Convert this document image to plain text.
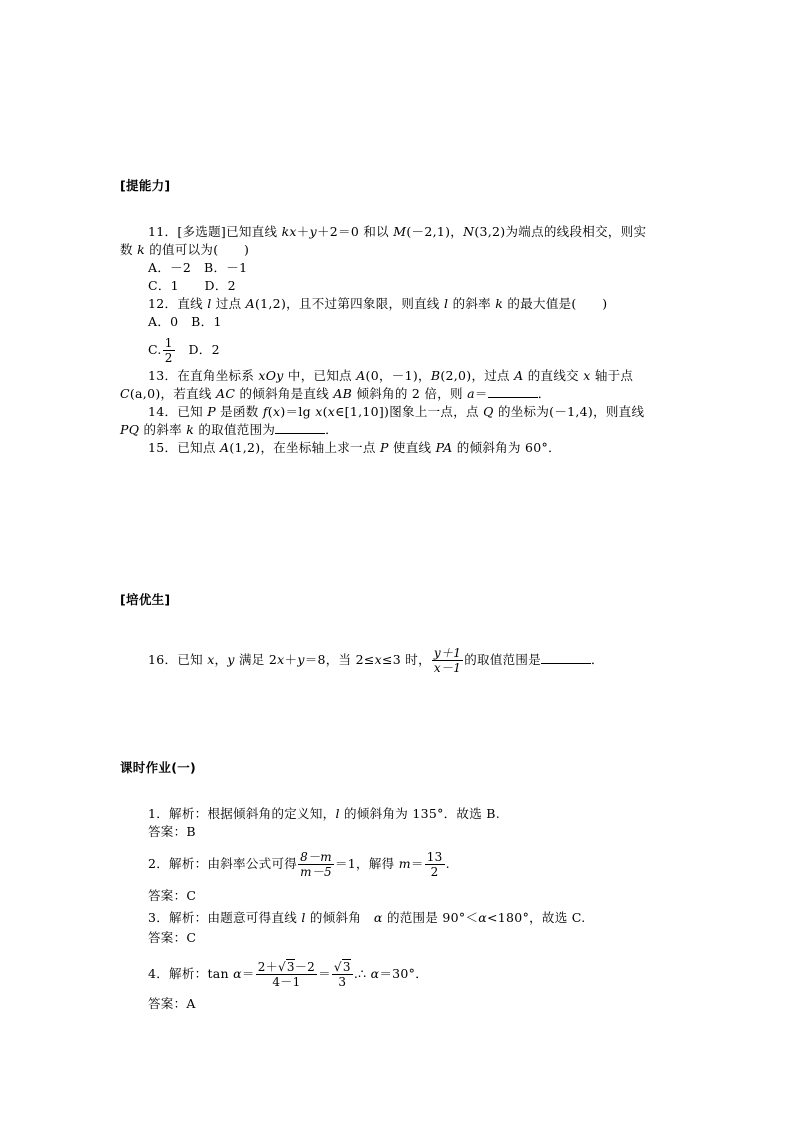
[提能力]
11．[多选题]已知直线 kx＋y＋2＝0 和以 M(－2,1)，N(3,2)为端点的线段相交，则实
数 k 的值可以为(　　)
A．－2　B．－1
C．1　　D．2
12．直线 l 过点 A(1,2)，且不过第四象限，则直线 l 的斜率 k 的最大值是(　　)
A．0　B．1
C. $\frac{1}{2}$ D．2
13．在直角坐标系 xOy 中，已知点 A(0，－1)，B(2,0)，过点 A 的直线交 x 轴于点
C(a,0)，若直线 AC 的倾斜角是直线 AB 倾斜角的 2 倍，则 a＝	．
14．已知 P 是函数 f(x)＝lg x(x∈[1,10])图象上一点，点 Q 的坐标为(－1,4)，则直线
PQ 的斜率 k 的取值范围为	．
15．已知点 A(1,2)，在坐标轴上求一点 P 使直线 PA 的倾斜角为 60°．
[培优生]
16．已知 x，y 满足 2x＋y＝8，当 2≤x≤3 时， $\frac{y+1}{x-1}$ 的取值范围是	．
课时作业(一)
1．解析：根据倾斜角的定义知，l 的倾斜角为 135°．故选 B.
答案：B
2．解析：由斜率公式可得 $\frac{8-m}{m-5} =1$，解得 $m= \frac{13}{2}$ .
答案：C
3．解析：由题意可得直线 l 的倾斜角　α 的范围是 90°＜α<180°，故选 C.
答案：C
4．解析：$\tan \alpha= \frac{2+√3-2}{4-1} = \frac{√3}{3}$ .∴ α＝30°．
答案：A
